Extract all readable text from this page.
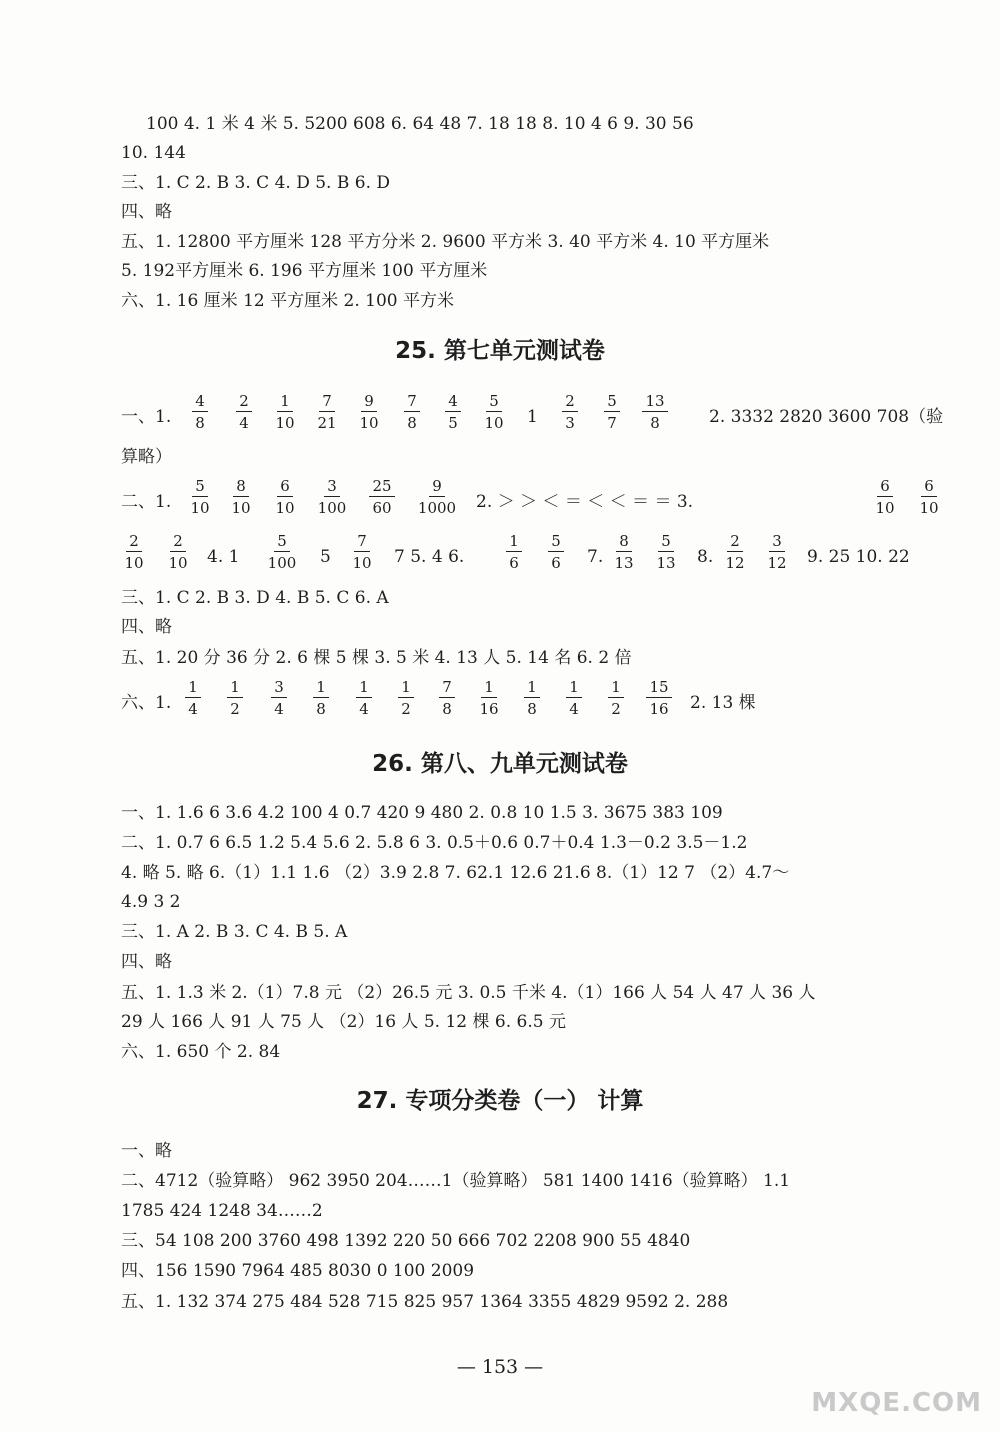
100 4. 1 米 4 米 5. 5200 608 6. 64 48 7. 18 18 8. 10 4 6 9. 30 56
10. 144
三、1. C 2. B 3. C 4. D 5. B 6. D
四、略
五、1. 12800 平方厘米 128 平方分米 2. 9600 平方米 3. 40 平方米 4. 10 平方厘米
5. 192平方厘米 6. 196 平方厘米 100 平方厘米
六、1. 16 厘米 12 平方厘米 2. 100 平方米
25. 第七单元测试卷
一、1. $\frac{4}{8} \frac{2}{4} \frac{1}{10} \frac{7}{21} \frac{9}{10} \frac{7}{8} \frac{4}{5} \frac{5}{10} 1 \frac{2}{3} \frac{5}{7} \frac{13}{8} 2$. 3332 2820 3600 708（验
算略）
二、1. $\frac{5}{10} \frac{8}{10} \frac{6}{10} \frac{3}{100} \frac{25}{60} \frac{9}{1000} 2$. ＞ ＞ ＜ ＝ ＜ ＜ ＝ ＝ 3.	$\frac{6}{10} \frac{6}{10}$
$\frac{2}{10} \frac{2}{10} 4$. $1 \frac{5}{100} 5 \frac{7}{10} 7$ 5. 4 6. $\frac{1}{6} \frac{5}{6} 7$. $\frac{8}{13} \frac{5}{13} 8$. $\frac{2}{12} \frac{3}{12} 9$. 25 10. 22
三、1. C 2. B 3. D 4. B 5. C 6. A
四、略
五、1. 20 分 36 分 2. 6 棵 5 棵 3. 5 米 4. 13 人 5. 14 名 6. 2 倍
六、1. $\frac{1}{4} \frac{1}{2} \frac{3}{4} \frac{1}{8} \frac{1}{4} \frac{1}{2} \frac{7}{8} \frac{1}{16} \frac{1}{8} \frac{1}{4} \frac{1}{2} \frac{15}{16} 2$. 13 棵
26. 第八、九单元测试卷
一、1. 1.6 6 3.6 4.2 100 4 0.7 420 9 480 2. 0.8 10 1.5 3. 3675 383 109
二、1. 0.7 6 6.5 1.2 5.4 5.6 2. 5.8 6 3. 0.5＋0.6 0.7＋0.4 1.3－0.2 3.5－1.2
4. 略 5. 略 6.（1）1.1 1.6 （2）3.9 2.8 7. 62.1 12.6 21.6 8.（1）12 7 （2）4.7～
4.9 3 2
三、1. A 2. B 3. C 4. B 5. A
四、略
五、1. 1.3 米 2.（1）7.8 元 （2）26.5 元 3. 0.5 千米 4.（1）166 人 54 人 47 人 36 人
29 人 166 人 91 人 75 人 （2）16 人 5. 12 棵 6. 6.5 元
六、1. 650 个 2. 84
27. 专项分类卷（一） 计算
一、略
二、4712（验算略） 962 3950 204……1（验算略） 581 1400 1416（验算略） 1.1
1785 424 1248 34……2
三、54 108 200 3760 498 1392 220 50 666 702 2208 900 55 4840
四、156 1590 7964 485 8030 0 100 2009
五、1. 132 374 275 484 528 715 825 957 1364 3355 4829 9592 2. 288
— 153 —
MXQE.COM
